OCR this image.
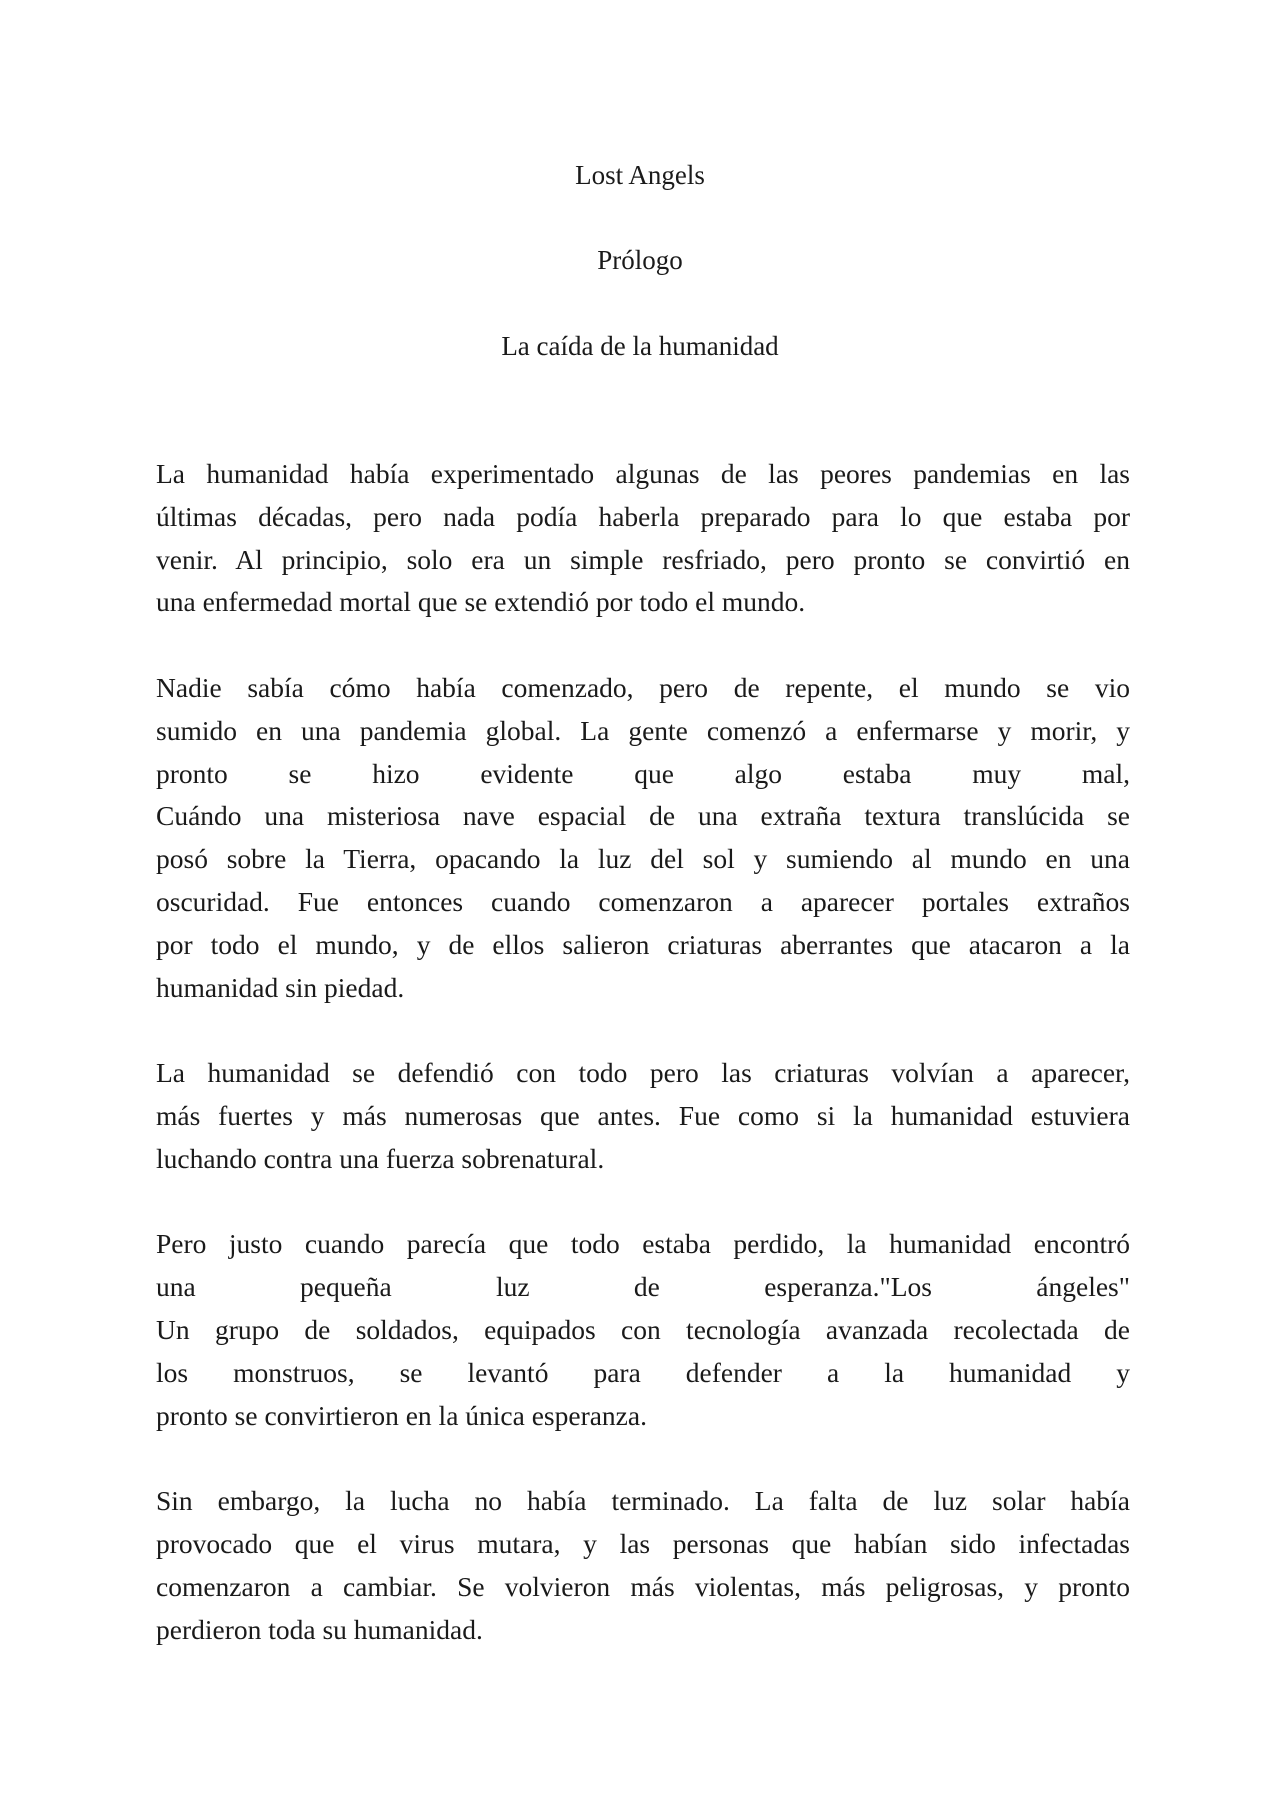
Lost Angels
Prólogo
La caída de la humanidad
La humanidad había experimentado algunas de las peores pandemias en las
últimas décadas, pero nada podía haberla preparado para lo que estaba por
venir. Al principio, solo era un simple resfriado, pero pronto se convirtió en
una enfermedad mortal que se extendió por todo el mundo.
Nadie sabía cómo había comenzado, pero de repente, el mundo se vio
sumido en una pandemia global. La gente comenzó a enfermarse y morir, y
pronto se hizo evidente que algo estaba muy mal,
Cuándo una misteriosa nave espacial de una extraña textura translúcida se
posó sobre la Tierra, opacando la luz del sol y sumiendo al mundo en una
oscuridad. Fue entonces cuando comenzaron a aparecer portales extraños
por todo el mundo, y de ellos salieron criaturas aberrantes que atacaron a la
humanidad sin piedad.
La humanidad se defendió con todo pero las criaturas volvían a aparecer,
más fuertes y más numerosas que antes. Fue como si la humanidad estuviera
luchando contra una fuerza sobrenatural.
Pero justo cuando parecía que todo estaba perdido, la humanidad encontró
una pequeña luz de esperanza."Los ángeles"
Un grupo de soldados, equipados con tecnología avanzada recolectada de
los monstruos, se levantó para defender a la humanidad y
pronto se convirtieron en la única esperanza.
Sin embargo, la lucha no había terminado. La falta de luz solar había
provocado que el virus mutara, y las personas que habían sido infectadas
comenzaron a cambiar. Se volvieron más violentas, más peligrosas, y pronto
perdieron toda su humanidad.
